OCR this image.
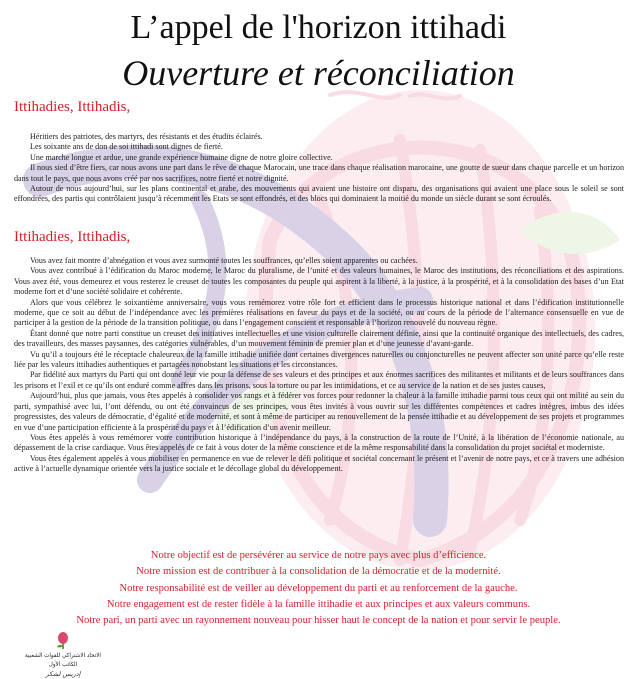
L’appel de l'horizon ittihadi
Ouverture et réconciliation
Ittihadies, Ittihadis,

Héritiers des patriotes, des martyrs, des résistants et des étudits éclairés.

Les soixante ans de don de soi ittihadi sont dignes de fierté.

Une marche longue et ardue, une grande expérience humaine digne de notre gloire collective.

Il nous sied d’être fiers, car nous avons une part dans le rêve de chaque Marocain, une trace dans chaque réalisation marocaine, une goutte de sueur dans chaque parcelle et un horizon dans tout le pays, que nous avons créé par nos sacrifices, notre fierté et notre dignité.

Autour de nous aujourd’hui, sur les plans continental et arabe, des mouvements qui avaient une histoire ont disparu, des organisations qui avaient une place sous le soleil se sont effondrées, des partis qui contrôlaient jusqu’à récemment les Etats se sont effondrés, et des blocs qui dominaient la moitié du monde un siècle durant se sont écroulés.

Ittihadies, Ittihadis,

Vous avez fait montre d’abnégation et vous avez surmonté toutes les souffrances, qu’elles soient apparentes ou cachées.

Vous avez contribué à l’édification du Maroc moderne, le Maroc du pluralisme, de l’unité et des valeurs humaines, le Maroc des institutions, des réconciliations et des aspirations. Vous avez été, vous demeurez et vous resterez le creuset de toutes les composantes du peuple qui aspirent à la liberté, à la justice, à la prospérité, et à la consolidation des bases d’un Etat moderne fort et d’une société solidaire et cohérente.

Alors que vous célébrez le soixantième anniversaire, vous vous remémorez votre rôle fort et efficient dans le processus historique national et dans l’édification institutionnelle moderne, que ce soit au début de l’indépendance avec les premières réalisations en faveur du pays et de la société, ou au cours de la période de l’alternance consensuelle en vue de participer à la gestion de la période de la transition politique, ou dans l’engagement conscient et responsable à l’horizon renouvelé du nouveau règne.

Étant donné que notre parti constitue un creuset des initiatives intellectuelles et une vision culturelle clairement définie, ainsi que la continuité organique des intellectuels, des cadres, des travailleurs, des masses paysannes, des catégories vulnérables, d’un mouvement féminin de premier plan et d’une jeunesse d’avant-garde.

Vu qu’il a toujours été le réceptacle chaleureux de la famille ittihadie unifiée dont certaines divergences naturelles ou conjoncturelles ne peuvent affecter son unité parce qu’elle reste liée par les valeurs ittihadies authentiques et partagées nonobstant les situations et les circonstances.

Par fidélité aux martyrs du Parti qui ont donné leur vie pour la défense de ses valeurs et des principes et aux énormes sacrifices des militantes et militants et de leurs souffrances dans les prisons et l’exil et ce qu’ils ont enduré comme affres dans les prisons, sous la torture ou par les intimidations, et ce au service de la nation et de ses justes causes,

Aujourd’hui, plus que jamais, vous êtes appelés à consolider vos rangs et à fédérer vos forces pour redonner la chaleur à la famille ittihadie parmi tous ceux qui ont milité au sein du parti, sympathisé avec lui, l’ont défendu, ou ont été convaincus de ses principes, vous êtes invités à vous ouvrir sur les différentes compétences et cadres intègres, imbus des idées progressistes, des valeurs de démocratie, d’égalité et de modernité, et sont à même de participer au renouvellement de la pensée ittihadie et au développement de ses projets et programmes en vue d’une participation efficiente à la prospérité du pays et à l’édification d’un avenir meilleur.

Vous êtes appelés à vous remémorer votre contribution historique à l’indépendance du pays, à la construction de la route de l’Unité, à la libération de l’économie nationale, au dépassement de la crise cardiaque. Vous êtes appelés de ce fait à vous doter de la même conscience et de la même responsabilité dans la consolidation du projet sociétal et moderniste.

Vous êtes également appelés à vous mobiliser en permanence en vue de relever le défi politique et sociétal concernant le présent et l’avenir de notre pays, et ce à travers une adhésion active à l’actuelle dynamique orientée vers la justice sociale et le décollage global du développement.

Notre objectif est de persévérer au service de notre pays avec plus d’efficience.
Notre mission est de contribuer à la consolidation de la démocratie et de la modernité.
Notre responsabilité est de veiller au développement du parti et au renforcement de la gauche.
Notre engagement est de rester fidèle à la famille ittihadie et aux principes et aux valeurs communs.
Notre pari, un parti avec un rayonnement nouveau pour hisser haut le concept de la nation et pour servir le peuple.
الاتحاد الاشتراكي للقوات الشعبية
الكاتب الأول
إدريس لشكر
